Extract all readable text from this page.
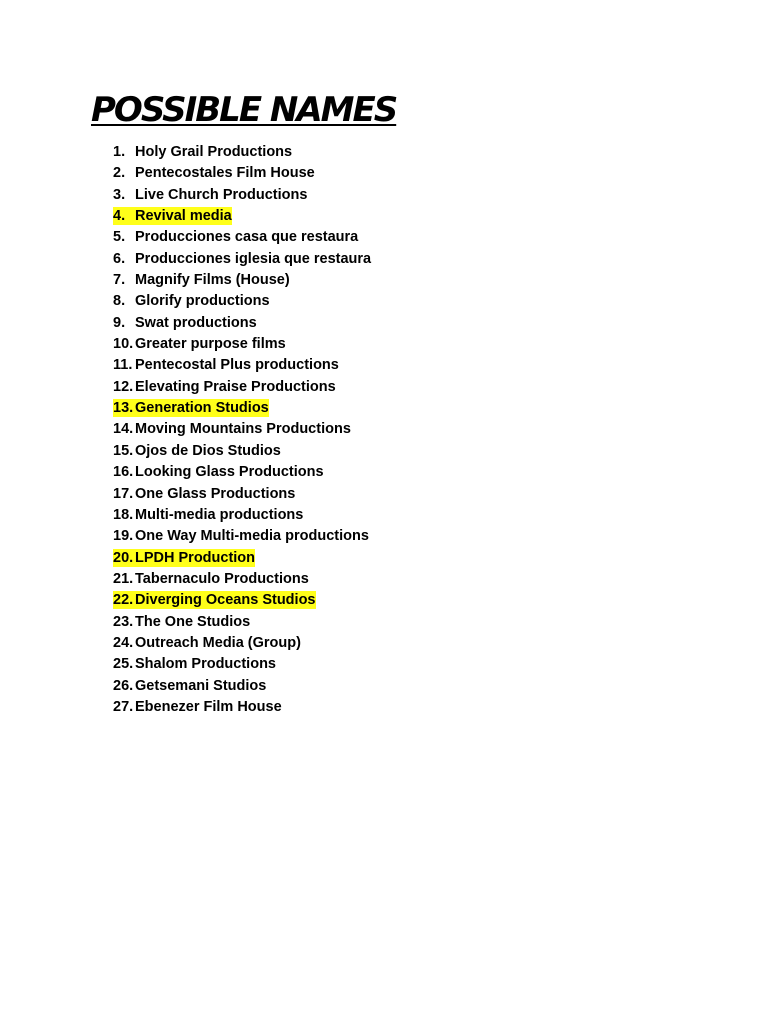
POSSIBLE NAMES
1. Holy Grail Productions
2. Pentecostales Film House
3. Live Church Productions
4. Revival media
5. Producciones casa que restaura
6. Producciones iglesia que restaura
7. Magnify Films (House)
8. Glorify productions
9. Swat productions
10. Greater purpose films
11. Pentecostal Plus productions
12. Elevating Praise Productions
13. Generation Studios
14. Moving Mountains Productions
15. Ojos de Dios Studios
16. Looking Glass Productions
17. One Glass Productions
18. Multi-media productions
19. One Way Multi-media productions
20. LPDH Production
21. Tabernaculo Productions
22. Diverging Oceans Studios
23. The One Studios
24. Outreach Media (Group)
25. Shalom Productions
26. Getsemani Studios
27. Ebenezer Film House
